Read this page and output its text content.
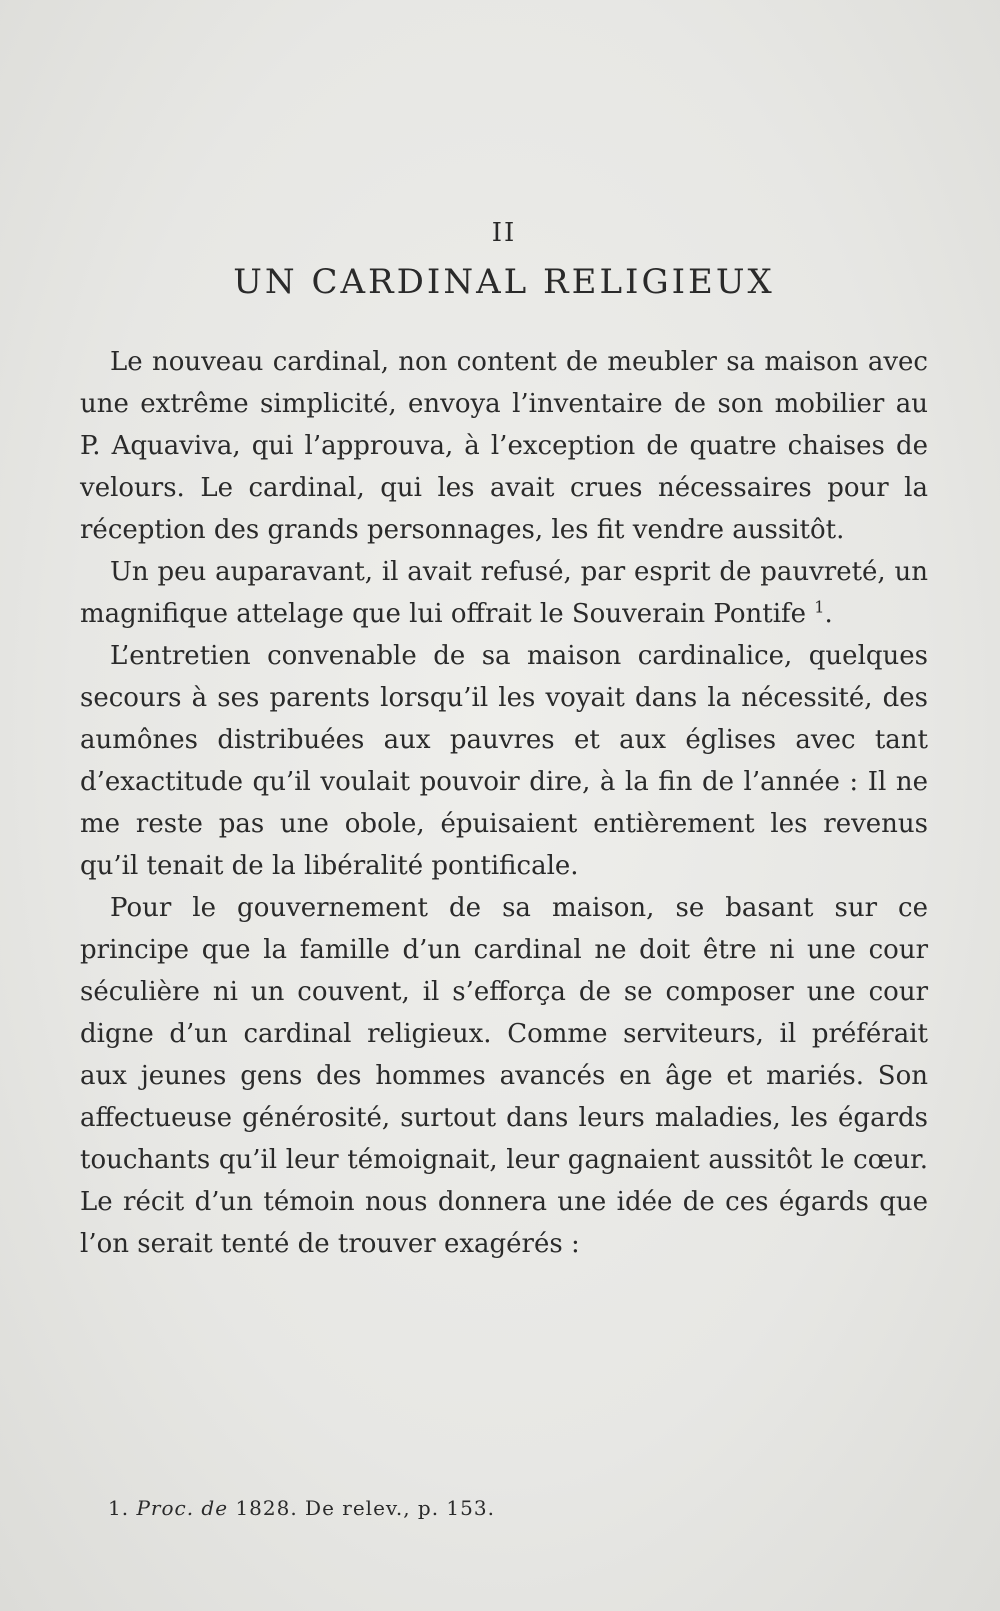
II
UN CARDINAL RELIGIEUX

Le nouveau cardinal, non content de meubler sa maison avec une extrême simplicité, envoya l’inventaire de son mobilier au P. Aquaviva, qui l’approuva, à l’exception de quatre chaises de velours. Le cardinal, qui les avait crues nécessaires pour la réception des grands personnages, les fit vendre aussitôt.

Un peu auparavant, il avait refusé, par esprit de pauvreté, un magnifique attelage que lui offrait le Souverain Pontife $^1$.

L’entretien convenable de sa maison cardinalice, quelques secours à ses parents lorsqu’il les voyait dans la nécessité, des aumônes distribuées aux pauvres et aux églises avec tant d’exactitude qu’il voulait pouvoir dire, à la fin de l’année : Il ne me reste pas une obole, épuisaient entièrement les revenus qu’il tenait de la libéralité pontificale.

Pour le gouvernement de sa maison, se basant sur ce principe que la famille d’un cardinal ne doit être ni une cour séculière ni un couvent, il s’efforça de se composer une cour digne d’un cardinal religieux. Comme serviteurs, il préférait aux jeunes gens des hommes avancés en âge et mariés. Son affectueuse générosité, surtout dans leurs maladies, les égards touchants qu’il leur témoignait, leur gagnaient aussitôt le cœur. Le récit d’un témoin nous donnera une idée de ces égards que l’on serait tenté de trouver exagérés :

1. Proc. de 1828. De relev., p. 153.
